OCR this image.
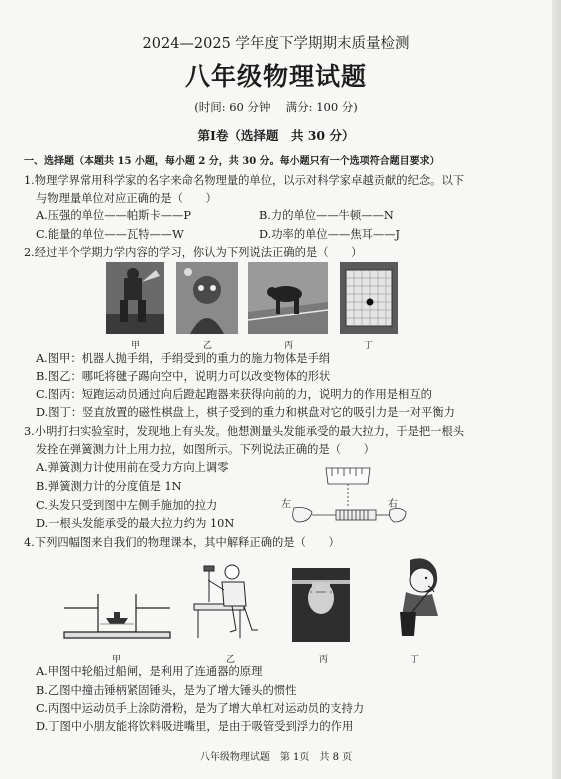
2024—2025 学年度下学期期末质量检测
八年级物理试题
(时间: 60 分钟　 满分: 100 分)
第Ⅰ卷（选择题　共 30 分）
一、选择题（本题共 15 小题，每小题 2 分，共 30 分。每小题只有一个选项符合题目要求）
1.物理学界常用科学家的名字来命名物理量的单位，以示对科学家卓越贡献的纪念。以下
与物理量单位对应正确的是（　　）
A.压强的单位——帕斯卡——P	B.力的单位——牛顿——N
C.能量的单位——瓦特——W	D.功率的单位——焦耳——J
2.经过半个学期力学内容的学习，你认为下列说法正确的是（　　）
甲	乙	丙	丁
A.图甲：机器人抛手绢，手绢受到的重力的施力物体是手绢
B.图乙：哪吒将毽子踢向空中，说明力可以改变物体的形状
C.图丙：短跑运动员通过向后蹬起跑器来获得向前的力，说明力的作用是相互的
D.图丁：竖直放置的磁性棋盘上，棋子受到的重力和棋盘对它的吸引力是一对平衡力
3.小明打扫实验室时，发现地上有头发。他想测量头发能承受的最大拉力，于是把一根头
发拴在弹簧测力计上用力拉，如图所示。下列说法正确的是（　　）
A.弹簧测力计使用前在受力方向上调零
B.弹簧测力计的分度值是 1N
C.头发只受到图中左侧手施加的拉力
D.一根头发能承受的最大拉力约为 10N
左	右
4.下列四幅图来自我们的物理课本，其中解释正确的是（　　）
甲	乙	丙	丁
A.甲图中轮船过船闸，是利用了连通器的原理
B.乙图中撞击锤柄紧固锤头，是为了增大锤头的惯性
C.丙图中运动员手上涂防滑粉，是为了增大单杠对运动员的支持力
D.丁图中小朋友能将饮料吸进嘴里，是由于吸管受到浮力的作用
八年级物理试题　第 1页　共 8 页
